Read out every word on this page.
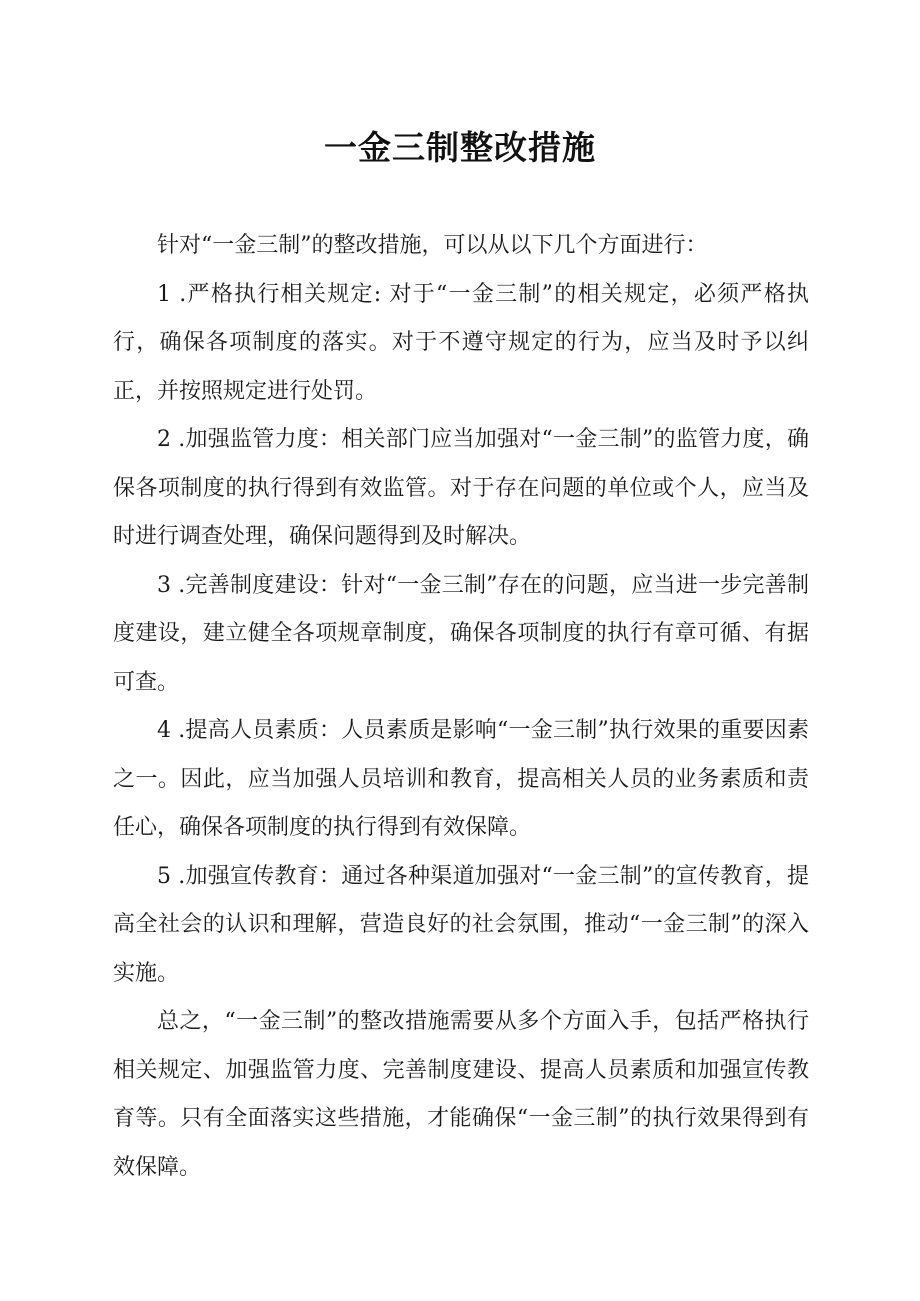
一金三制整改措施

针对“一金三制”的整改措施，可以从以下几个方面进行：

1 .严格执行相关规定: 对于“一金三制”的相关规定，必须严格执行，确保各项制度的落实。对于不遵守规定的行为，应当及时予以纠正，并按照规定进行处罚。

2 .加强监管力度：相关部门应当加强对“一金三制”的监管力度，确保各项制度的执行得到有效监管。对于存在问题的单位或个人，应当及时进行调查处理，确保问题得到及时解决。

3 .完善制度建设：针对“一金三制”存在的问题，应当进一步完善制度建设，建立健全各项规章制度，确保各项制度的执行有章可循、有据可查。

4 .提高人员素质：人员素质是影响“一金三制”执行效果的重要因素之一。因此，应当加强人员培训和教育，提高相关人员的业务素质和责任心，确保各项制度的执行得到有效保障。

5 .加强宣传教育：通过各种渠道加强对“一金三制”的宣传教育，提高全社会的认识和理解，营造良好的社会氛围，推动“一金三制”的深入实施。

总之，“一金三制”的整改措施需要从多个方面入手，包括严格执行相关规定、加强监管力度、完善制度建设、提高人员素质和加强宣传教育等。只有全面落实这些措施，才能确保“一金三制”的执行效果得到有效保障。
